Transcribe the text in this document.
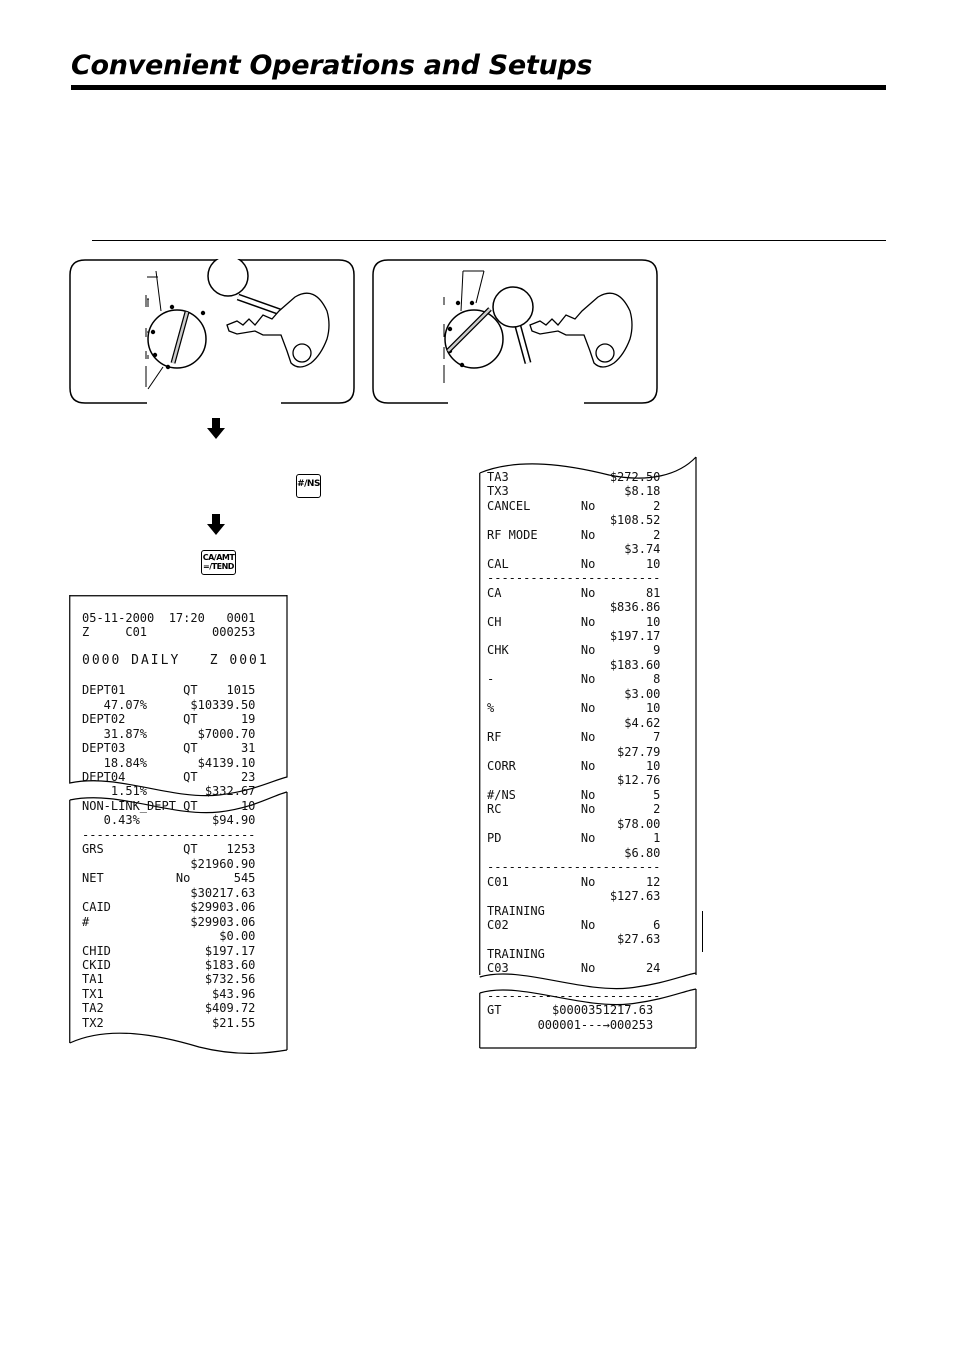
Convenient Operations and Setups
#/NS
CA/AMT
=/TEND
05-11-2000  17:20   0001
Z     C01         000253
0000 DAILY   Z 0001
DEPT01        QT    1015
47.07%      $10339.50
DEPT02        QT      19
31.87%       $7000.70
DEPT03        QT      31
18.84%       $4139.10
DEPT04        QT      23
1.51%        $332.67
NON-LINK_DEPT QT      10
0.43%          $94.90
------------------------
GRS           QT    1253
$21960.90
NET          No      545
$30217.63
CAID           $29903.06
#              $29903.06
$0.00
CHID             $197.17
CKID             $183.60
TA1              $732.56
TX1               $43.96
TA2              $409.72
TX2               $21.55
TA3              $272.50
TX3                $8.18
CANCEL       No        2
$108.52
RF MODE      No        2
$3.74
CAL          No       10
------------------------
CA           No       81
$836.86
CH           No       10
$197.17
CHK          No        9
$183.60
-            No        8
$3.00
%            No       10
$4.62
RF           No        7
$27.79
CORR         No       10
$12.76
#/NS         No        5
RC           No        2
$78.00
PD           No        1
$6.80
------------------------
C01          No       12
$127.63
TRAINING
C02          No        6
$27.63
TRAINING
C03          No       24
------------------------
GT       $0000351217.63
000001---→000253
